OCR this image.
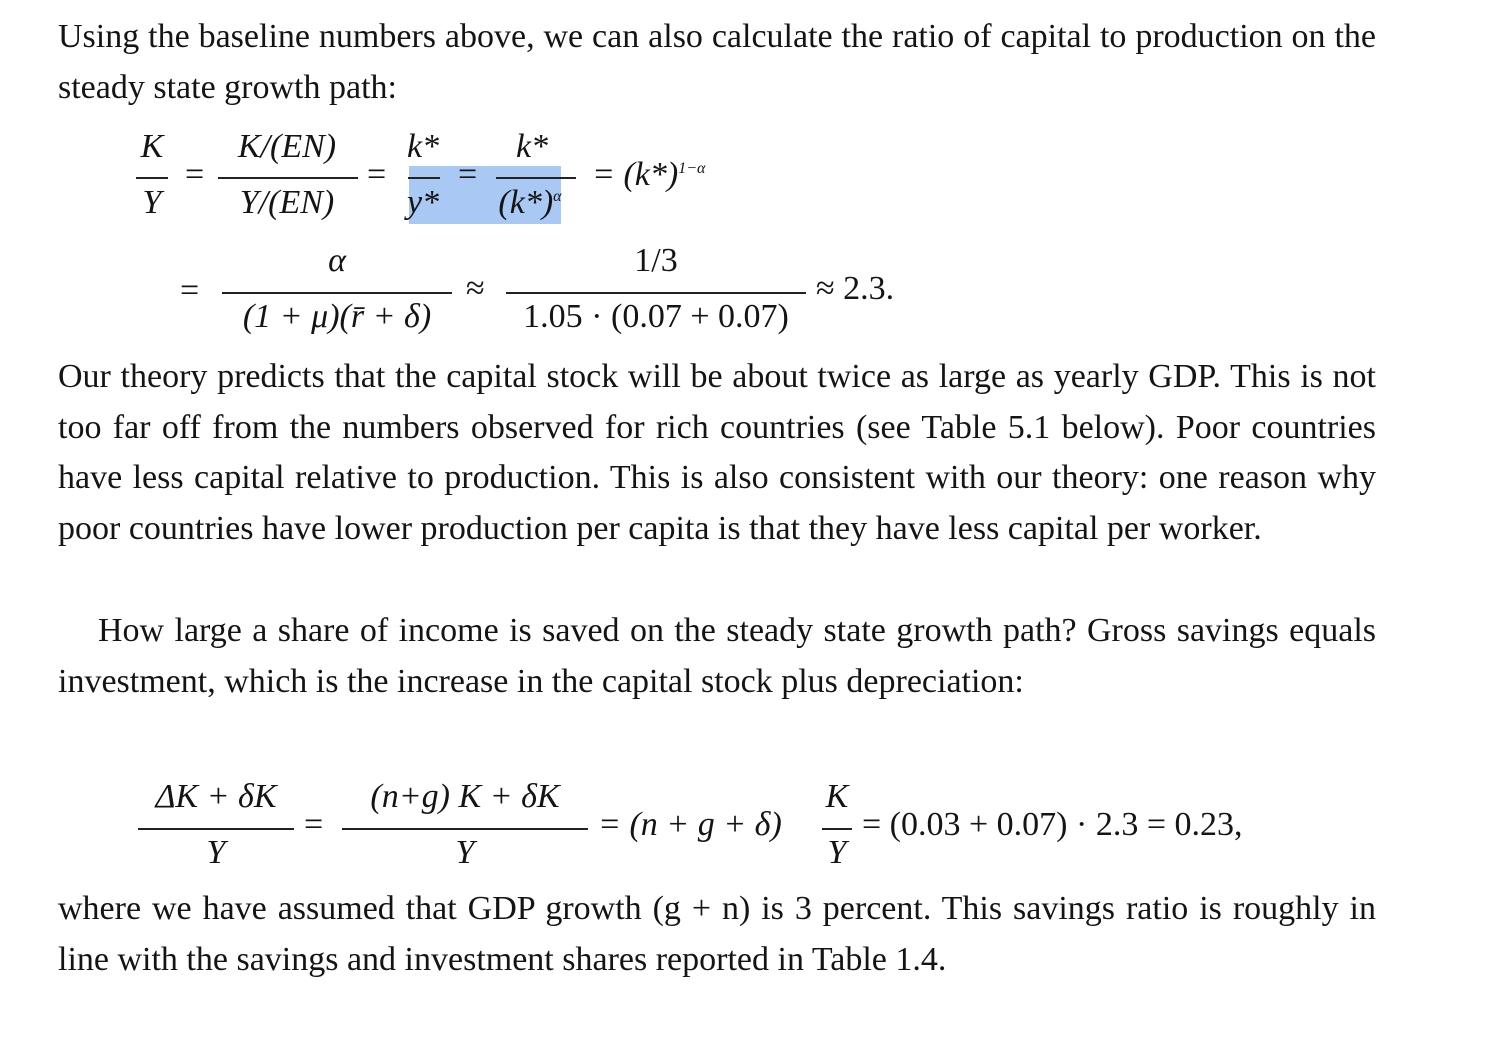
Using the baseline numbers above, we can also calculate the ratio of capital to production on the steady state growth path:

K
Y
=
K/(EN)
Y/(EN)
=
k*
y*
=
k*
$(k*)^\alpha$
= $(k*)^{1-\alpha}$
=
α
(1 + μ)(r̄ + δ)
≈
1/3
1.05 · (0.07 + 0.07)
≈ 2.3.

Our theory predicts that the capital stock will be about twice as large as yearly GDP. This is not too far off from the numbers observed for rich countries (see Table 5.1 below). Poor countries have less capital relative to production. This is also consistent with our theory: one reason why poor countries have lower production per capita is that they have less capital per worker.

How large a share of income is saved on the steady state growth path? Gross savings equals investment, which is the increase in the capital stock plus depreciation:

ΔK + δK
Y
=
(n+g) K + δK
Y
= (n + g + δ)
K
Y
= (0.03 + 0.07) · 2.3 = 0.23,

where we have assumed that GDP growth (g + n) is 3 percent. This savings ratio is roughly in line with the savings and investment shares reported in Table 1.4.
